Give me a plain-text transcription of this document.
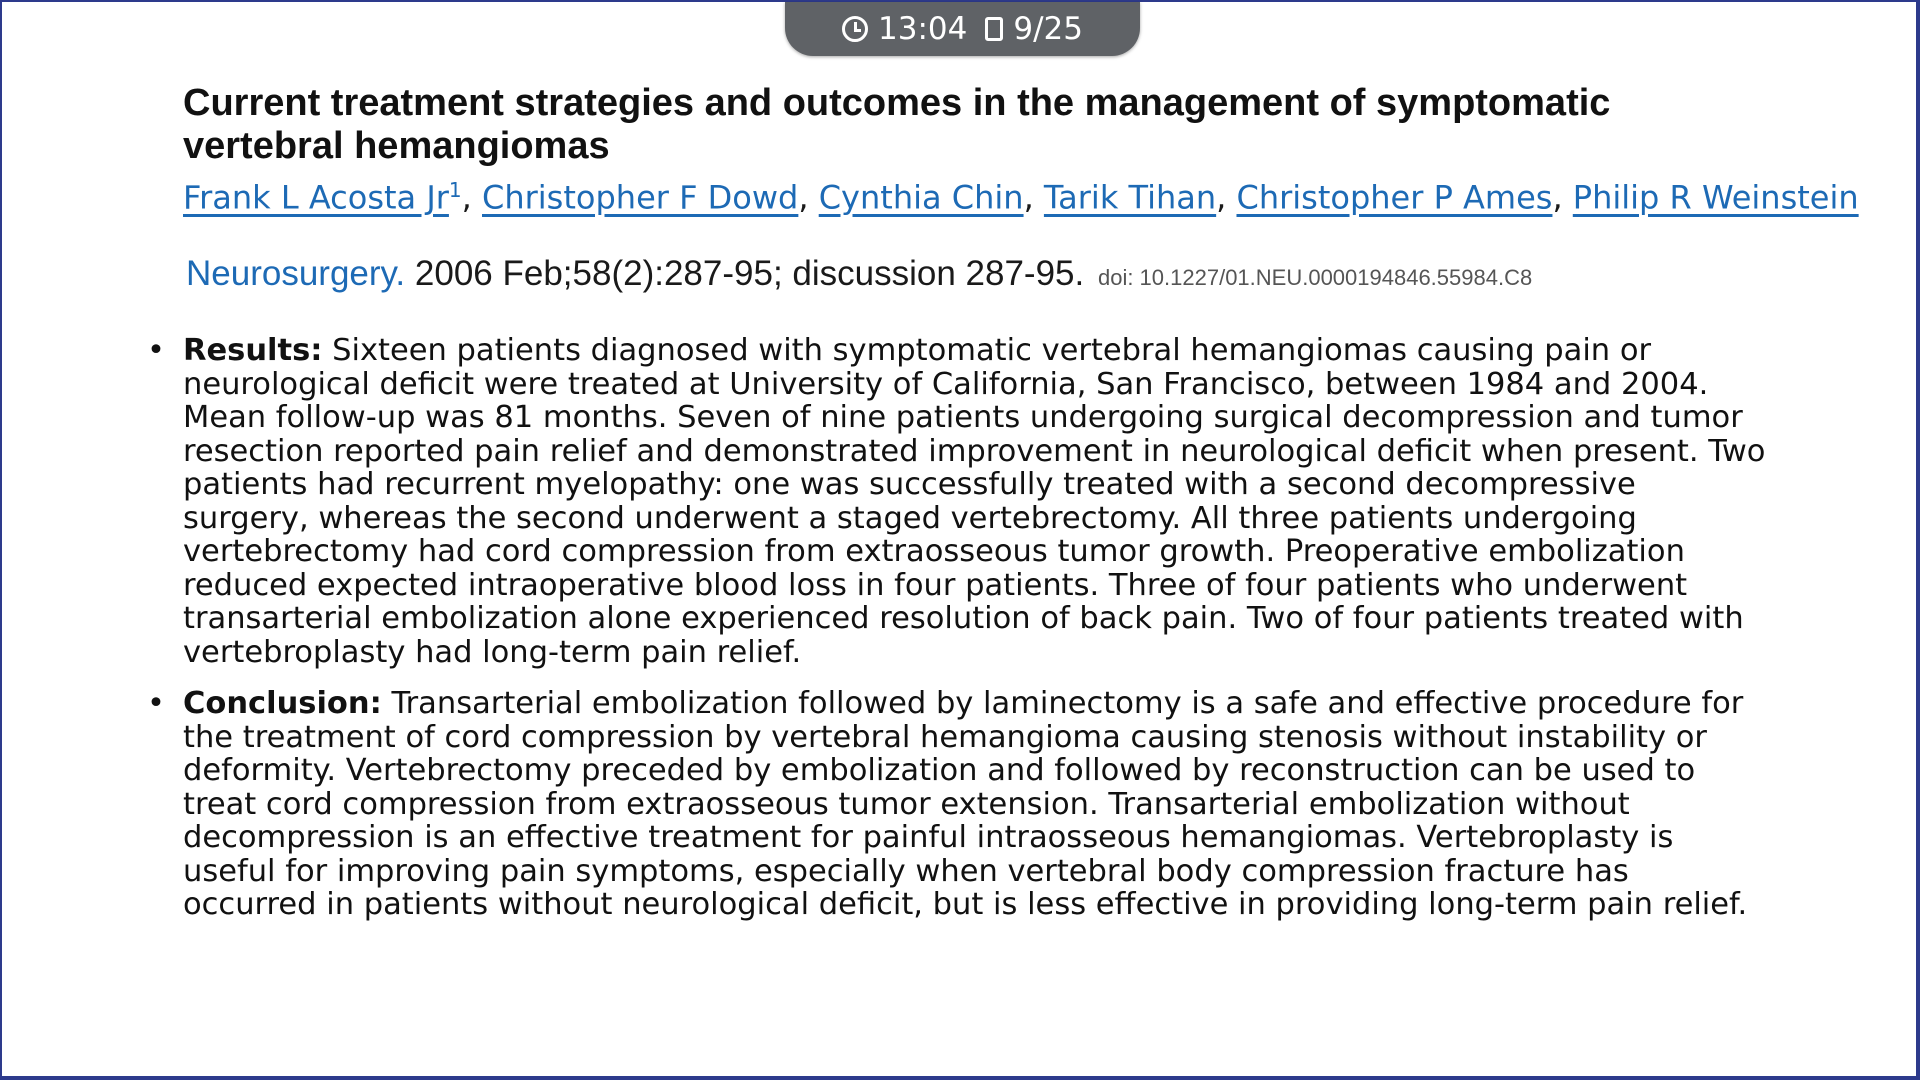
13:04 9/25
Current treatment strategies and outcomes in the management of symptomatic vertebral hemangiomas
Frank L Acosta Jr$^1$, Christopher F Dowd, Cynthia Chin, Tarik Tihan, Christopher P Ames, Philip R Weinstein
Neurosurgery. 2006 Feb;58(2):287-95; discussion 287-95. doi: 10.1227/01.NEU.0000194846.55984.C8
• Results: Sixteen patients diagnosed with symptomatic vertebral hemangiomas causing pain or neurological deficit were treated at University of California, San Francisco, between 1984 and 2004. Mean follow-up was 81 months. Seven of nine patients undergoing surgical decompression and tumor resection reported pain relief and demonstrated improvement in neurological deficit when present. Two patients had recurrent myelopathy: one was successfully treated with a second decompressive surgery, whereas the second underwent a staged vertebrectomy. All three patients undergoing vertebrectomy had cord compression from extraosseous tumor growth. Preoperative embolization reduced expected intraoperative blood loss in four patients. Three of four patients who underwent transarterial embolization alone experienced resolution of back pain. Two of four patients treated with vertebroplasty had long-term pain relief.
• Conclusion: Transarterial embolization followed by laminectomy is a safe and effective procedure for the treatment of cord compression by vertebral hemangioma causing stenosis without instability or deformity. Vertebrectomy preceded by embolization and followed by reconstruction can be used to treat cord compression from extraosseous tumor extension. Transarterial embolization without decompression is an effective treatment for painful intraosseous hemangiomas. Vertebroplasty is useful for improving pain symptoms, especially when vertebral body compression fracture has occurred in patients without neurological deficit, but is less effective in providing long-term pain relief.
